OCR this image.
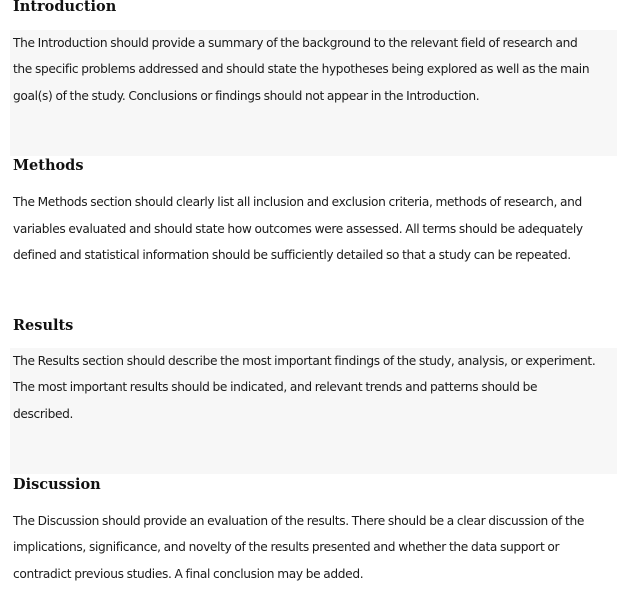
Introduction

The Introduction should provide a summary of the background to the relevant field of research and

the specific problems addressed and should state the hypotheses being explored as well as the main

goal(s) of the study. Conclusions or findings should not appear in the Introduction.

Methods

The Methods section should clearly list all inclusion and exclusion criteria, methods of research, and

variables evaluated and should state how outcomes were assessed. All terms should be adequately

defined and statistical information should be sufficiently detailed so that a study can be repeated.

Results

The Results section should describe the most important findings of the study, analysis, or experiment.

The most important results should be indicated, and relevant trends and patterns should be

described.

Discussion

The Discussion should provide an evaluation of the results. There should be a clear discussion of the

implications, significance, and novelty of the results presented and whether the data support or

contradict previous studies. A final conclusion may be added.
